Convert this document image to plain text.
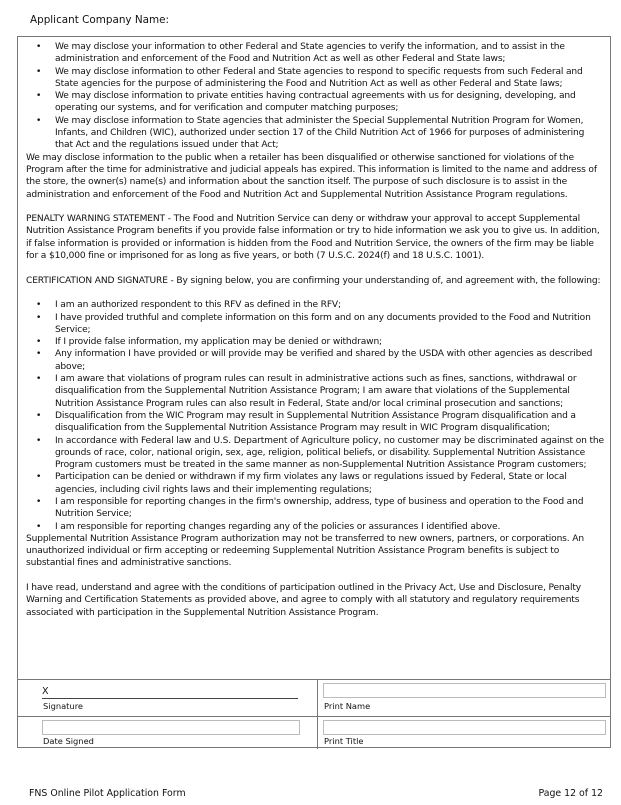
Applicant Company Name:
• We may disclose your information to other Federal and State agencies to verify the information, and to assist in the administration and enforcement of the Food and Nutrition Act as well as other Federal and State laws;
• We may disclose information to other Federal and State agencies to respond to specific requests from such Federal and State agencies for the purpose of administering the Food and Nutrition Act as well as other Federal and State laws;
• We may disclose information to private entities having contractual agreements with us for designing, developing, and operating our systems, and for verification and computer matching purposes;
• We may disclose information to State agencies that administer the Special Supplemental Nutrition Program for Women, Infants, and Children (WIC), authorized under section 17 of the Child Nutrition Act of 1966 for purposes of administering that Act and the regulations issued under that Act;

We may disclose information to the public when a retailer has been disqualified or otherwise sanctioned for violations of the Program after the time for administrative and judicial appeals has expired. This information is limited to the name and address of the store, the owner(s) name(s) and information about the sanction itself. The purpose of such disclosure is to assist in the administration and enforcement of the Food and Nutrition Act and Supplemental Nutrition Assistance Program regulations.

PENALTY WARNING STATEMENT - The Food and Nutrition Service can deny or withdraw your approval to accept Supplemental Nutrition Assistance Program benefits if you provide false information or try to hide information we ask you to give us. In addition, if false information is provided or information is hidden from the Food and Nutrition Service, the owners of the firm may be liable for a $10,000 fine or imprisoned for as long as five years, or both (7 U.S.C. 2024(f) and 18 U.S.C. 1001).

CERTIFICATION AND SIGNATURE - By signing below, you are confirming your understanding of, and agreement with, the following:

• I am an authorized respondent to this RFV as defined in the RFV;
• I have provided truthful and complete information on this form and on any documents provided to the Food and Nutrition Service;
• If I provide false information, my application may be denied or withdrawn;
• Any information I have provided or will provide may be verified and shared by the USDA with other agencies as described above;
• I am aware that violations of program rules can result in administrative actions such as fines, sanctions, withdrawal or disqualification from the Supplemental Nutrition Assistance Program; I am aware that violations of the Supplemental Nutrition Assistance Program rules can also result in Federal, State and/or local criminal prosecution and sanctions;
• Disqualification from the WIC Program may result in Supplemental Nutrition Assistance Program disqualification and a disqualification from the Supplemental Nutrition Assistance Program may result in WIC Program disqualification;
• In accordance with Federal law and U.S. Department of Agriculture policy, no customer may be discriminated against on the grounds of race, color, national origin, sex, age, religion, political beliefs, or disability. Supplemental Nutrition Assistance Program customers must be treated in the same manner as non-Supplemental Nutrition Assistance Program customers;
• Participation can be denied or withdrawn if my firm violates any laws or regulations issued by Federal, State or local agencies, including civil rights laws and their implementing regulations;
• I am responsible for reporting changes in the firm's ownership, address, type of business and operation to the Food and Nutrition Service;
• I am responsible for reporting changes regarding any of the policies or assurances I identified above.

Supplemental Nutrition Assistance Program authorization may not be transferred to new owners, partners, or corporations. An unauthorized individual or firm accepting or redeeming Supplemental Nutrition Assistance Program benefits is subject to substantial fines and administrative sanctions.

I have read, understand and agree with the conditions of participation outlined in the Privacy Act, Use and Disclosure, Penalty Warning and Certification Statements as provided above, and agree to comply with all statutory and regulatory requirements associated with participation in the Supplemental Nutrition Assistance Program.

X
Signature	Print Name
Date Signed	Print Title
FNS Online Pilot Application Form	Page 12 of 12
